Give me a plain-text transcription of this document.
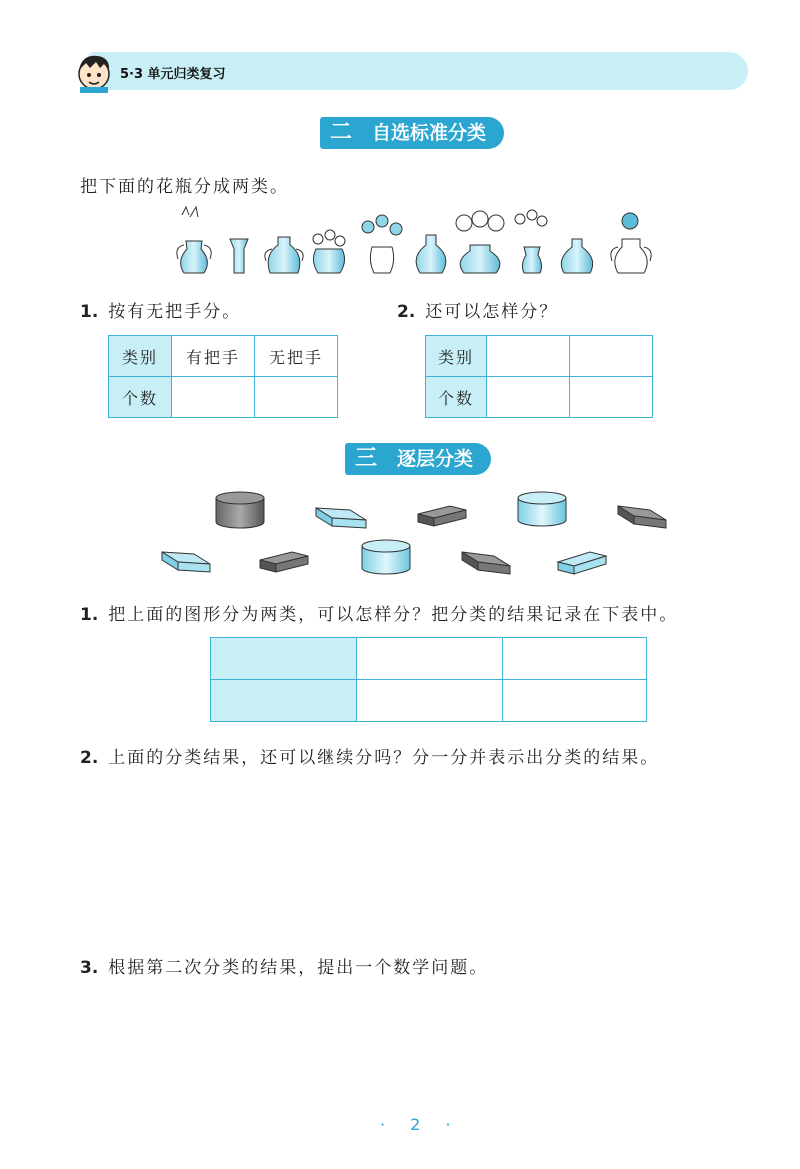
5·3 单元归类复习
自选标准分类
二
把下面的花瓶分成两类。
1. 按有无把手分。	2. 还可以怎样分？
类别	有把手	无把手
个数		
类别		
个数		
逐层分类
三
1. 把上面的图形分为两类，可以怎样分？把分类的结果记录在下表中。

2. 上面的分类结果，还可以继续分吗？分一分并表示出分类的结果。
3. 根据第二次分类的结果，提出一个数学问题。
· 2 ·
